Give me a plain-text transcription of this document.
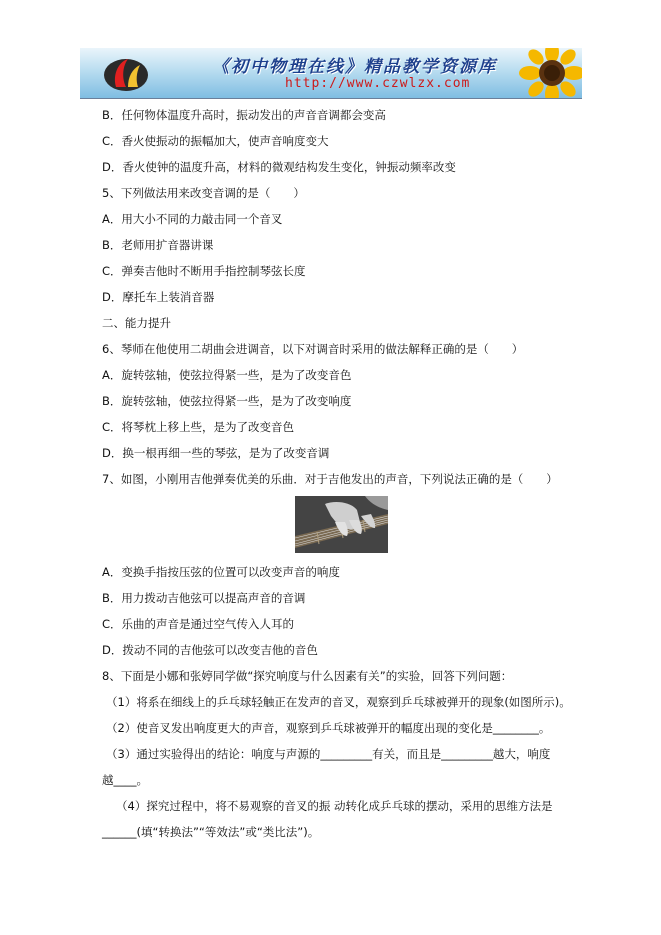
《初中物理在线》精品教学资源库
http://www.czwlzx.com
B．任何物体温度升高时，振动发出的声音音调都会变高
C．香火使振动的振幅加大，使声音响度变大
D．香火使钟的温度升高，材料的微观结构发生变化，钟振动频率改变
5、下列做法用来改变音调的是（　　）
A．用大小不同的力敲击同一个音叉
B．老师用扩音器讲课
C．弹奏吉他时不断用手指控制琴弦长度
D．摩托车上装消音器
二、能力提升
6、琴师在他使用二胡曲会进调音，以下对调音时采用的做法解释正确的是（　　）
A．旋转弦轴，使弦拉得紧一些，是为了改变音色
B．旋转弦轴，使弦拉得紧一些，是为了改变响度
C．将琴枕上移上些，是为了改变音色
D．换一根再细一些的琴弦，是为了改变音调
7、如图，小刚用吉他弹奏优美的乐曲．对于吉他发出的声音，下列说法正确的是（　　）
A．变换手指按压弦的位置可以改变声音的响度
B．用力拨动吉他弦可以提高声音的音调
C．乐曲的声音是通过空气传入人耳的
D．拨动不同的吉他弦可以改变吉他的音色
8、下面是小娜和张婷同学做“探究响度与什么因素有关”的实验，回答下列问题：
（1）将系在细线上的乒乓球轻触正在发声的音叉，观察到乒乓球被弹开的现象(如图所示)。
（2）使音叉发出响度更大的声音，观察到乒乓球被弹开的幅度出现的变化是________。
（3）通过实验得出的结论：响度与声源的_________有关，而且是_________越大，响度
越____。
（4）探究过程中，将不易观察的音叉的振 动转化成乒乓球的摆动，采用的思维方法是
______(填“转换法”“等效法”或“类比法”)。
